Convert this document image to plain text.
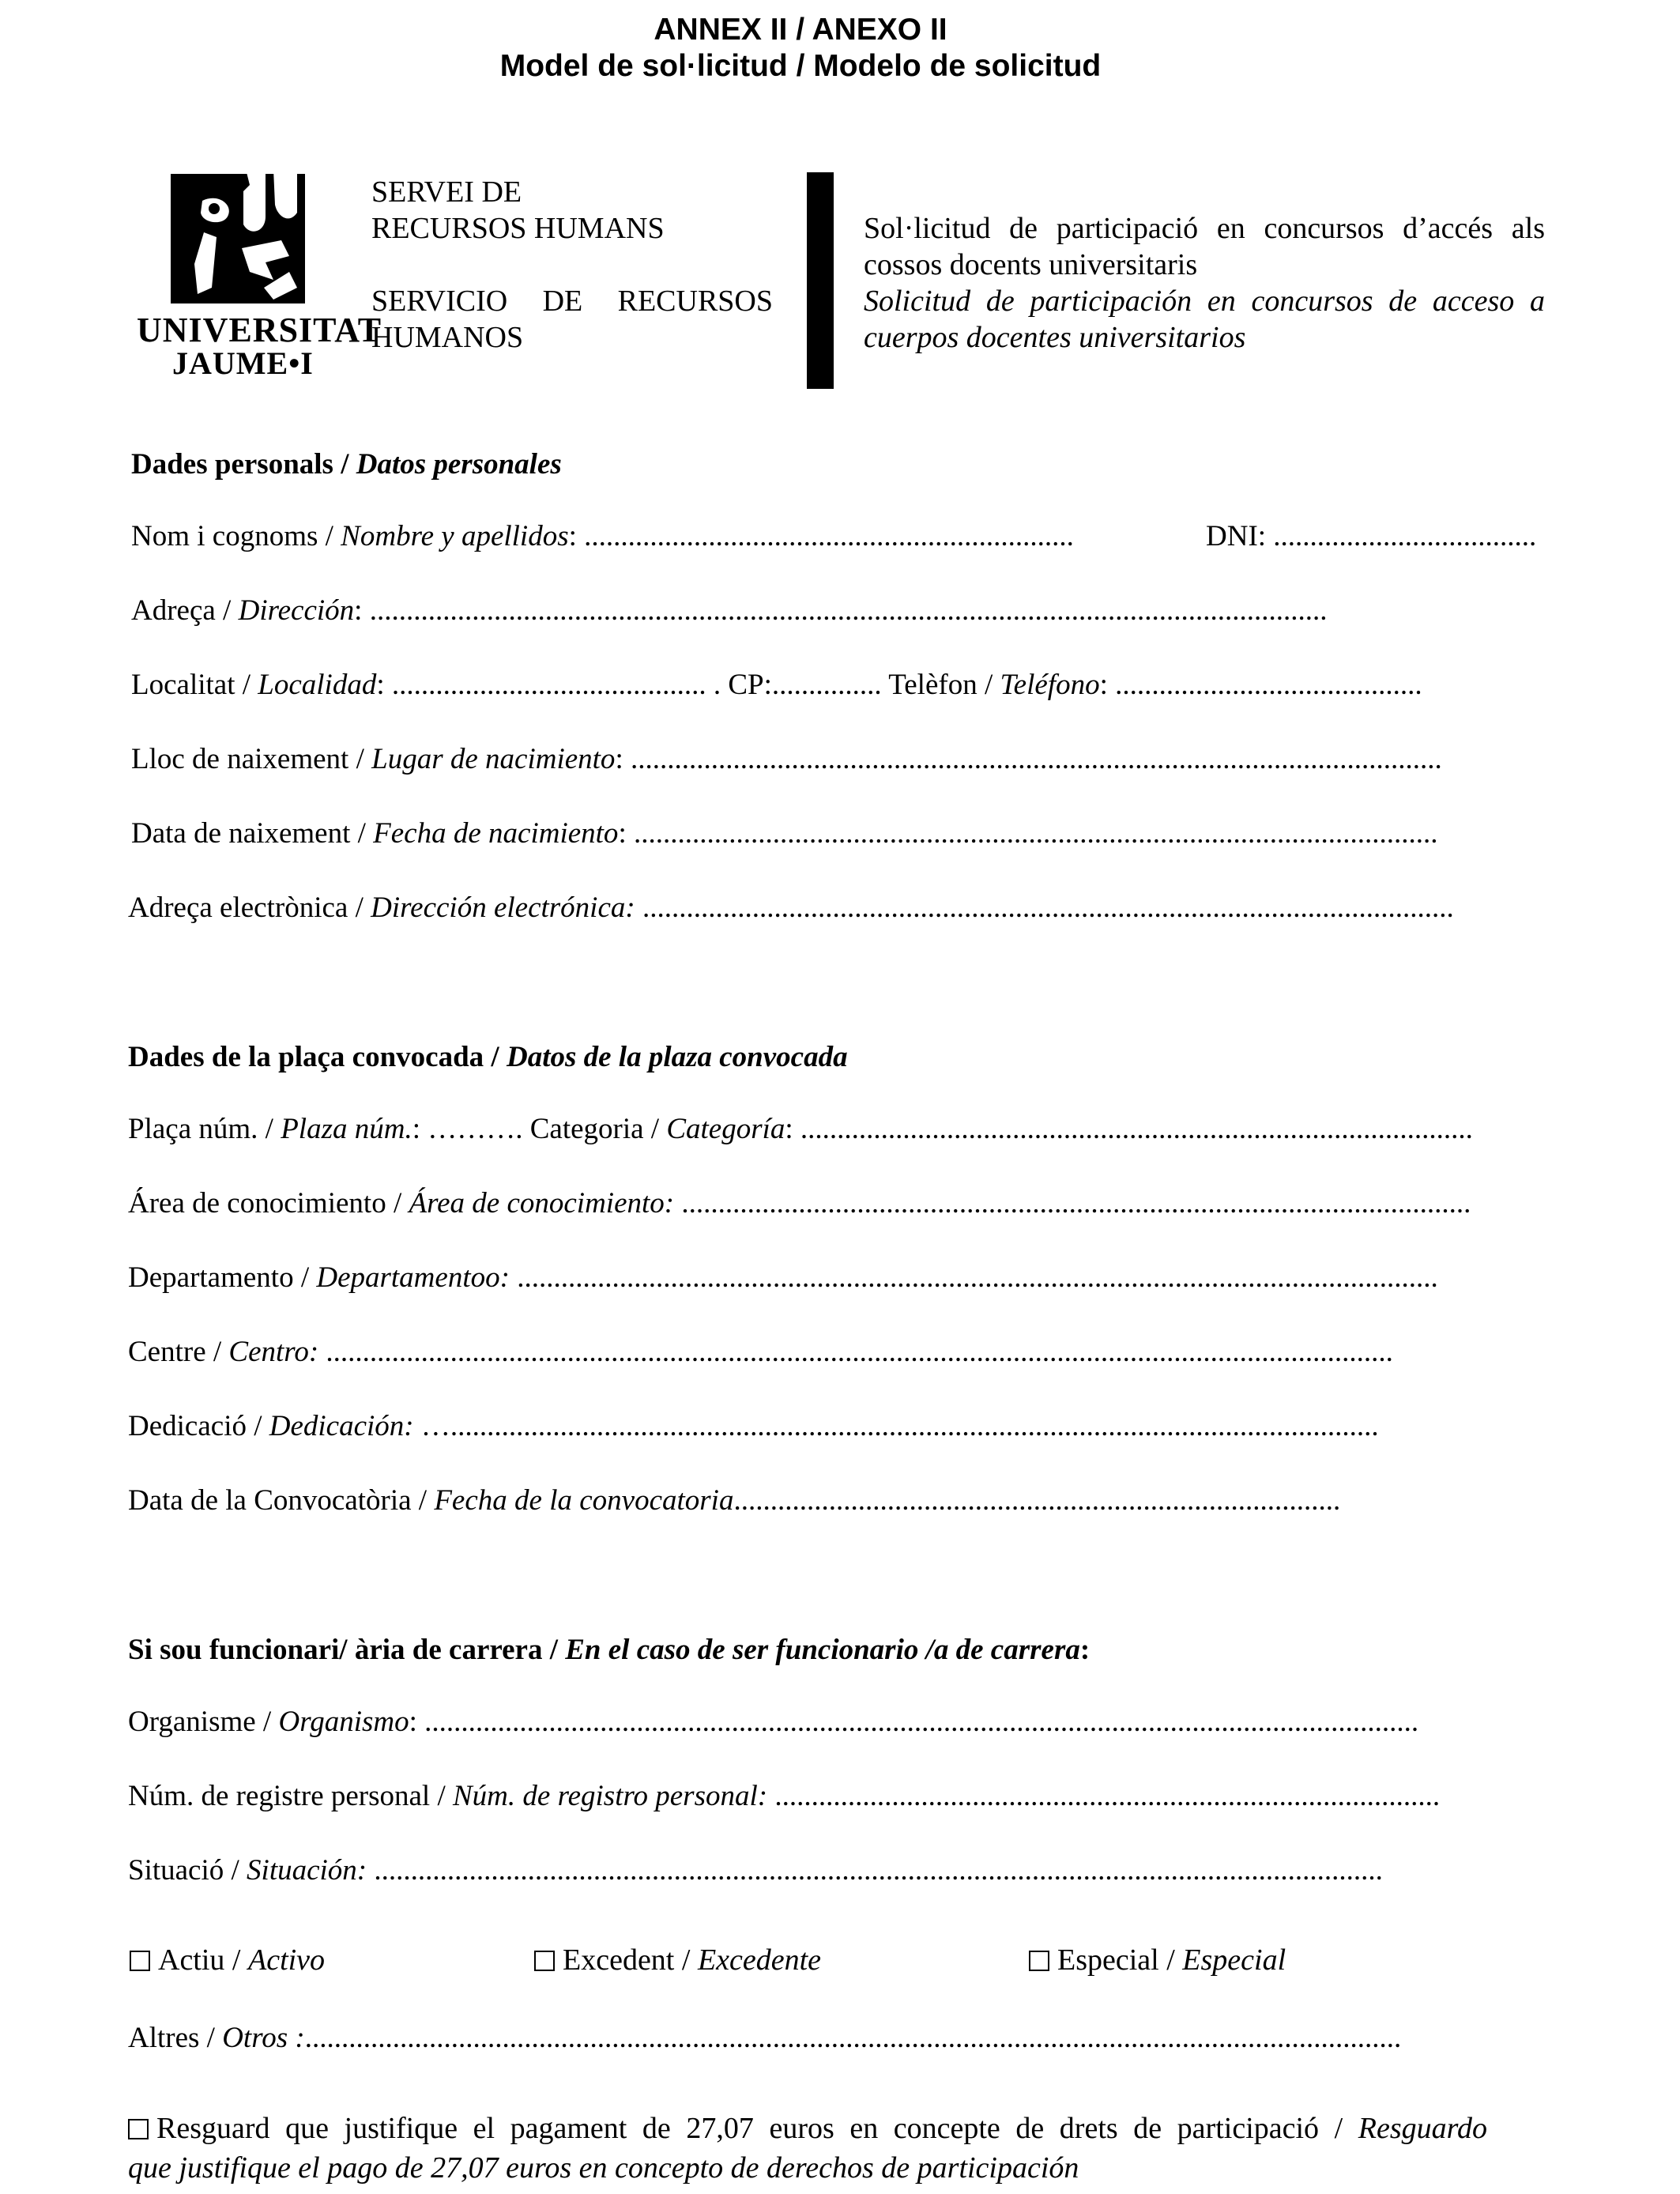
ANNEX II / ANEXO II
Model de sol·licitud / Modelo de solicitud
UNIVERSITAT
JAUME•I
SERVEI DE
RECURSOS HUMANS
SERVICIO DE RECURSOS
HUMANOS
Sol·licitud de participació en concursos d’accés als
cossos docents universitaris
Solicitud de participación en concursos de acceso a
cuerpos docentes universitarios
Dades personals / Datos personales
Nom i cognoms / Nombre y apellidos: ...................................................................	DNI: ....................................
Adreça / Dirección: ...................................................................................................................................
Localitat / Localidad: ........................................... . CP:............... Telèfon / Teléfono: ..........................................
Lloc de naixement / Lugar de nacimiento: ...............................................................................................................
Data de naixement / Fecha de nacimiento: ..............................................................................................................
Adreça electrònica / Dirección electrónica: ...............................................................................................................
Dades de la plaça convocada / Datos de la plaza convocada
Plaça núm. / Plaza núm.: ………. Categoria / Categoría: ............................................................................................
Área de conocimiento / Área de conocimiento: ............................................................................................................
Departamento / Departamentoo: ..............................................................................................................................
Centre / Centro: ..................................................................................................................................................
Dedicació / Dedicación: …...............................................................................................................................
Data de la Convocatòria / Fecha de la convocatoria...................................................................................
Si sou funcionari/ ària de carrera / En el caso de ser funcionario /a de carrera:
Organisme / Organismo: ........................................................................................................................................
Núm. de registre personal / Núm. de registro personal: ...........................................................................................
Situació / Situación: ..........................................................................................................................................
Actiu / Activo	Excedent / Excedente	Especial / Especial
Altres / Otros :......................................................................................................................................................
Resguard que justifique el pagament de 27,07 euros en concepte de drets de participació / Resguardo
que justifique el pago de 27,07 euros en concepto de derechos de participación
